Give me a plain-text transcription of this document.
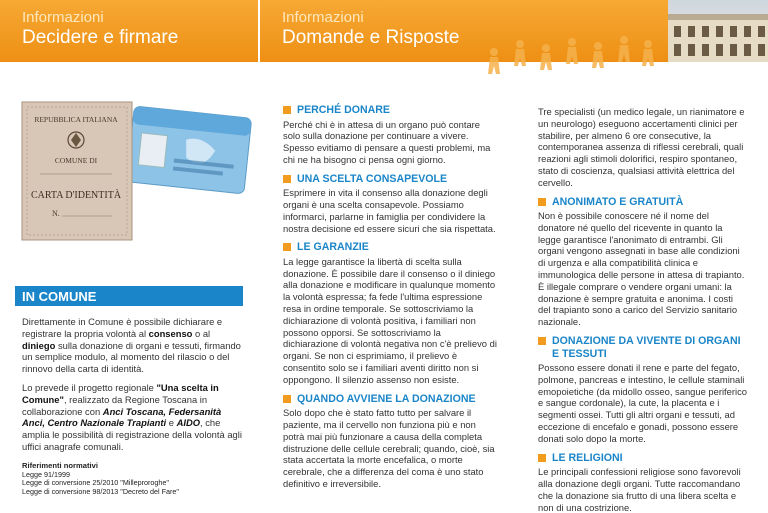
Informazioni
Decidere e firmare
Informazioni
Domande e Risposte
REPUBBLICA ITALIANA
COMUNE DI
CARTA D'IDENTITÀ
N.
IN COMUNE

Direttamente in Comune è possibile dichiarare e registrare la propria volontà al consenso o al diniego sulla donazione di organi e tessuti, firmando un semplice modulo, al momento del rilascio o del rinnovo della carta di identità.

Lo prevede il progetto regionale "Una scelta in Comune", realizzato da Regione Toscana in collaborazione con Anci Toscana, Federsanità Anci, Centro Nazionale Trapianti e AIDO, che amplia le possibilità di registrazione della volontà agli uffici anagrafe comunali.

Riferimenti normativi
Legge 91/1999
Legge di conversione 25/2010 "Milleproroghe"
Legge di conversione 98/2013 "Decreto del Fare"
PERCHÉ DONARE

Perché chi è in attesa di un organo può contare solo sulla donazione per continuare a vivere. Spesso evitiamo di pensare a questi problemi, ma chi ne ha bisogno ci pensa ogni giorno.

UNA SCELTA CONSAPEVOLE

Esprimere in vita il consenso alla donazione degli organi è una scelta consapevole. Possiamo informarci, parlarne in famiglia per condividere la nostra decisione ed essere sicuri che sia rispettata.

LE GARANZIE

La legge garantisce la libertà di scelta sulla donazione. È possibile dare il consenso o il diniego alla donazione e modificare in qualunque momento la volontà espressa; fa fede l'ultima espressione resa in ordine temporale. Se sottoscriviamo la dichiarazione di volontà positiva, i familiari non possono opporsi. Se sottoscriviamo la dichiarazione di volontà negativa non c'è prelievo di organi. Se non ci esprimiamo, il prelievo è consentito solo se i familiari aventi diritto non si oppongono. Il silenzio assenso non esiste.

QUANDO AVVIENE LA DONAZIONE

Solo dopo che è stato fatto tutto per salvare il paziente, ma il cervello non funziona più e non potrà mai più funzionare a causa della completa distruzione delle cellule cerebrali; quando, cioè, sia stata accertata la morte encefalica, o morte cerebrale, che a differenza del coma è uno stato definitivo e irreversibile.

Tre specialisti (un medico legale, un rianimatore e un neurologo) eseguono accertamenti clinici per stabilire, per almeno 6 ore consecutive, la contemporanea assenza di riflessi cerebrali, quali reazioni agli stimoli dolorifici, respiro spontaneo, stato di coscienza, qualsiasi attività elettrica del cervello.

ANONIMATO E GRATUITÀ

Non è possibile conoscere né il nome del donatore né quello del ricevente in quanto la legge garantisce l'anonimato di entrambi. Gli organi vengono assegnati in base alle condizioni di urgenza e alla compatibilità clinica e immunologica delle persone in attesa di trapianto. È illegale comprare o vendere organi umani: la donazione è sempre gratuita e anonima. I costi del trapianto sono a carico del Servizio sanitario nazionale.

DONAZIONE DA VIVENTE DI ORGANI E TESSUTI

Possono essere donati il rene e parte del fegato, polmone, pancreas e intestino, le cellule staminali emopoietiche (da midollo osseo, sangue periferico e sangue cordonale), la cute, la placenta e i segmenti ossei. Tutti gli altri organi e tessuti, ad eccezione di encefalo e gonadi, possono essere donati solo dopo la morte.

LE RELIGIONI

Le principali confessioni religiose sono favorevoli alla donazione degli organi. Tutte raccomandano che la donazione sia frutto di una libera scelta e non di una costrizione.
